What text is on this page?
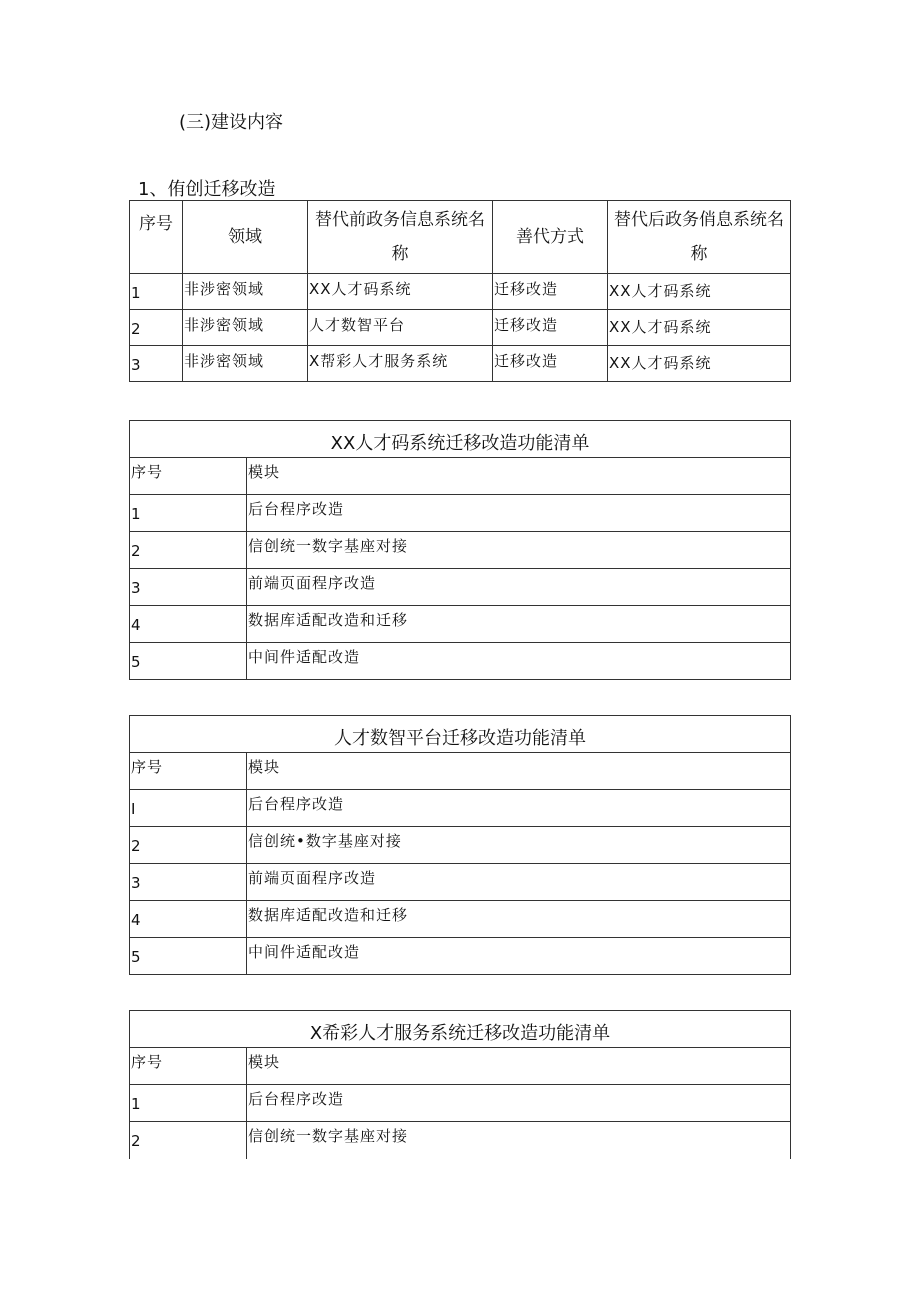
(三)建设内容
1、侑创迁移改造
序号	领域	替代前政务信息系统名称	善代方式	替代后政务俏息系统名称
1	非涉密领域	XX人才码系统	迁移改造	XX人才码系统
2	非涉密领域	人才数智平台	迁移改造	XX人才码系统
3	非涉密领域	X帮彩人才服务系统	迁移改造	XX人才码系统
XX人才码系统迁移改造功能清单	
序号	模块
1	后台程序改造
2	信创统一数字基座对接
3	前端页面程序改造
4	数据库适配改造和迁移
5	中间件适配改造
人才数智平台迁移改造功能清单	
序号	模块
I	后台程序改造
2	信创统•数字基座对接
3	前端页面程序改造
4	数据库适配改造和迁移
5	中间件适配改造
X希彩人才服务系统迁移改造功能清单	
序号	模块
1	后台程序改造
2	信创统一数字基座对接
